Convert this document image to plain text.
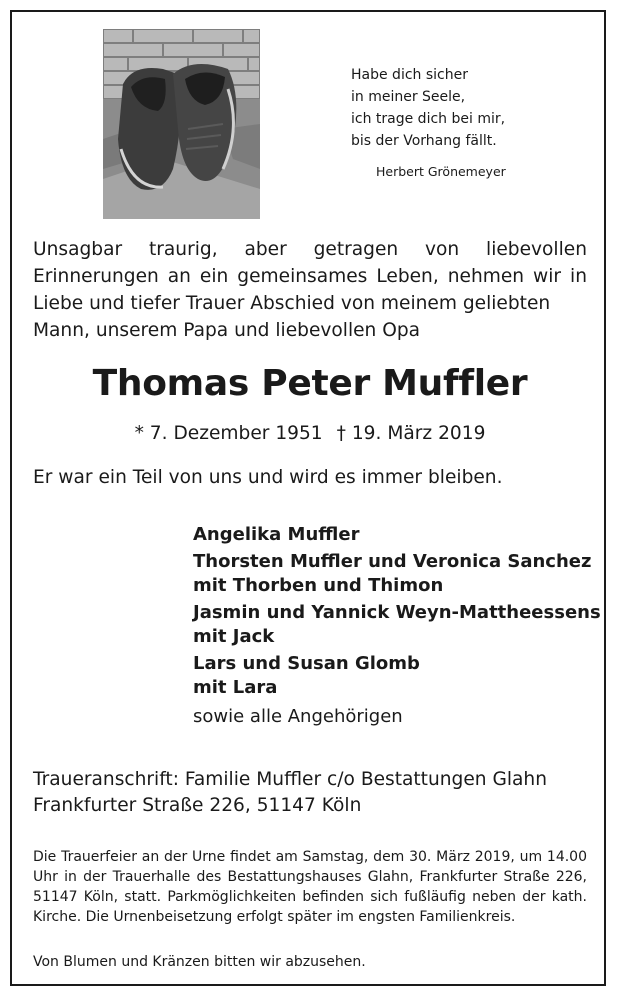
Habe dich sicher
in meiner Seele,
ich trage dich bei mir,
bis der Vorhang fällt.
Herbert Grönemeyer
Unsagbar traurig, aber getragen von liebevollen Erinnerungen an ein gemeinsames Leben, nehmen wir in Liebe und tiefer Trauer Abschied von meinem geliebten
Mann, unserem Papa und liebevollen Opa
Thomas Peter Muffler
* 7. Dezember 1951 † 19. März 2019
Er war ein Teil von uns und wird es immer bleiben.
Angelika Muffler
Thorsten Muffler und Veronica Sanchez
mit Thorben und Thimon
Jasmin und Yannick Weyn-Mattheessens
mit Jack
Lars und Susan Glomb
mit Lara
sowie alle Angehörigen
Traueranschrift: Familie Muffler c/o Bestattungen Glahn
Frankfurter Straße 226, 51147 Köln
Die Trauerfeier an der Urne findet am Samstag, dem 30. März 2019, um 14.00 Uhr in der Trauerhalle des Bestattungshauses Glahn, Frankfurter Straße 226, 51147 Köln, statt. Parkmöglichkeiten befinden sich fußläufig neben der kath. Kirche. Die Urnenbeisetzung erfolgt später im engsten Familienkreis.
Von Blumen und Kränzen bitten wir abzusehen.
